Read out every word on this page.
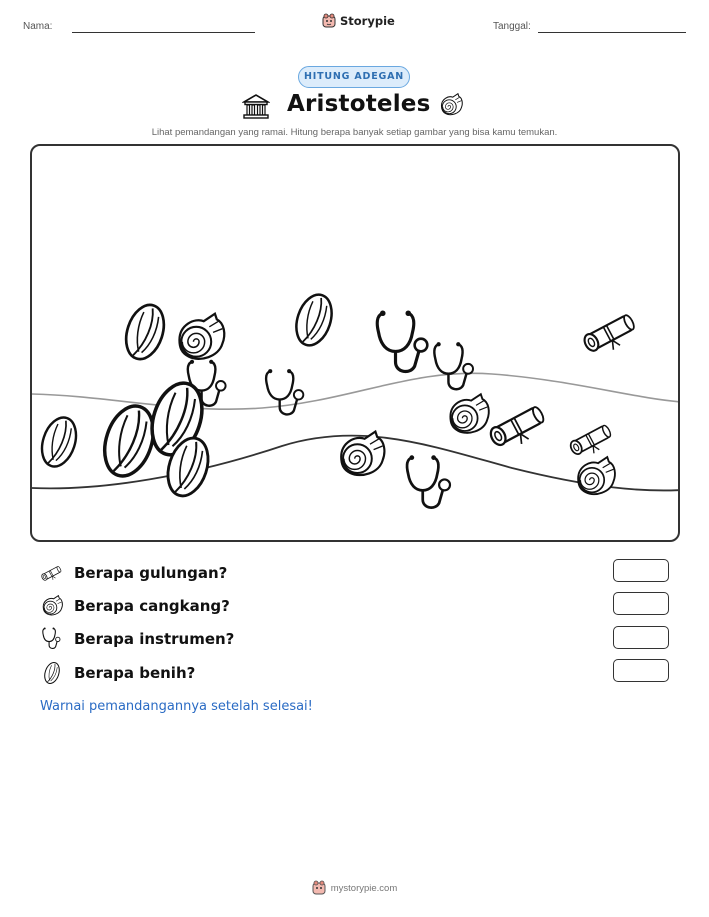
Nama:	Storypie	Tanggal:
HITUNG ADEGAN
Aristoteles
Lihat pemandangan yang ramai. Hitung berapa banyak setiap gambar yang bisa kamu temukan.
Berapa gulungan?
Berapa cangkang?
Berapa instrumen?
Berapa benih?
Warnai pemandangannya setelah selesai!
mystorypie.com
